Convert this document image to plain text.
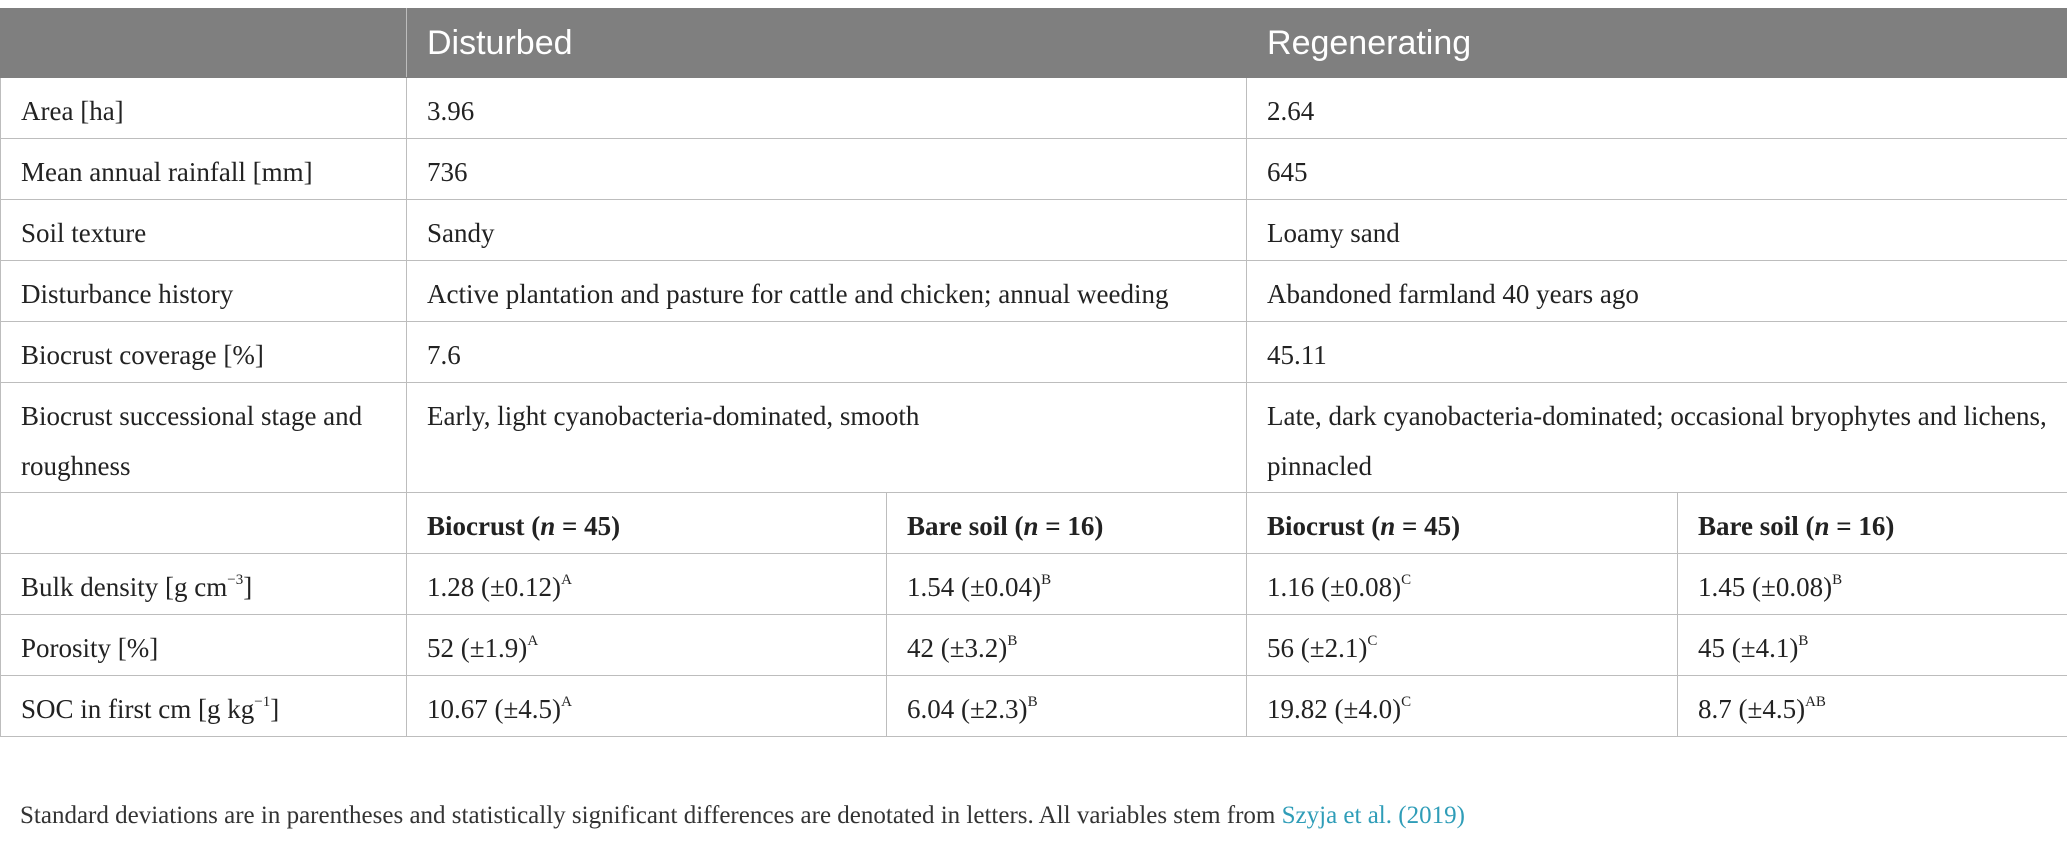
	Disturbed		Regenerating	
Area [ha]	3.96		2.64	
Mean annual rainfall [mm]	736		645	
Soil texture	Sandy		Loamy sand	
Disturbance history	Active plantation and pasture for cattle and chicken; annual weeding		Abandoned farmland 40 years ago	
Biocrust coverage [%]	7.6		45.11	
Biocrust successional stage and roughness	Early, light cyanobacteria-dominated, smooth		Late, dark cyanobacteria-dominated; occasional bryophytes and lichens, pinnacled	
	Biocrust (n = 45)	Bare soil (n = 16)	Biocrust (n = 45)	Bare soil (n = 16)
Bulk density [g $cm^{-3}$]	1.28 $(\pm 0.12)^A$	1.54 $(\pm 0.04)^B$	1.16 $(\pm 0.08)^C$	1.45 $(\pm 0.08)^B$
Porosity [%]	52 $(\pm 1.9)^A$	42 $(\pm 3.2)^B$	56 $(\pm 2.1)^C$	45 $(\pm 4.1)^B$
SOC in first cm [g $kg^{-1}$]	10.67 $(\pm 4.5)^A$	6.04 $(\pm 2.3)^B$	19.82 $(\pm 4.0)^C$	8.7 $(\pm 4.5)^{AB}$
Standard deviations are in parentheses and statistically significant differences are denotated in letters. All variables stem from Szyja et al. (2019)
